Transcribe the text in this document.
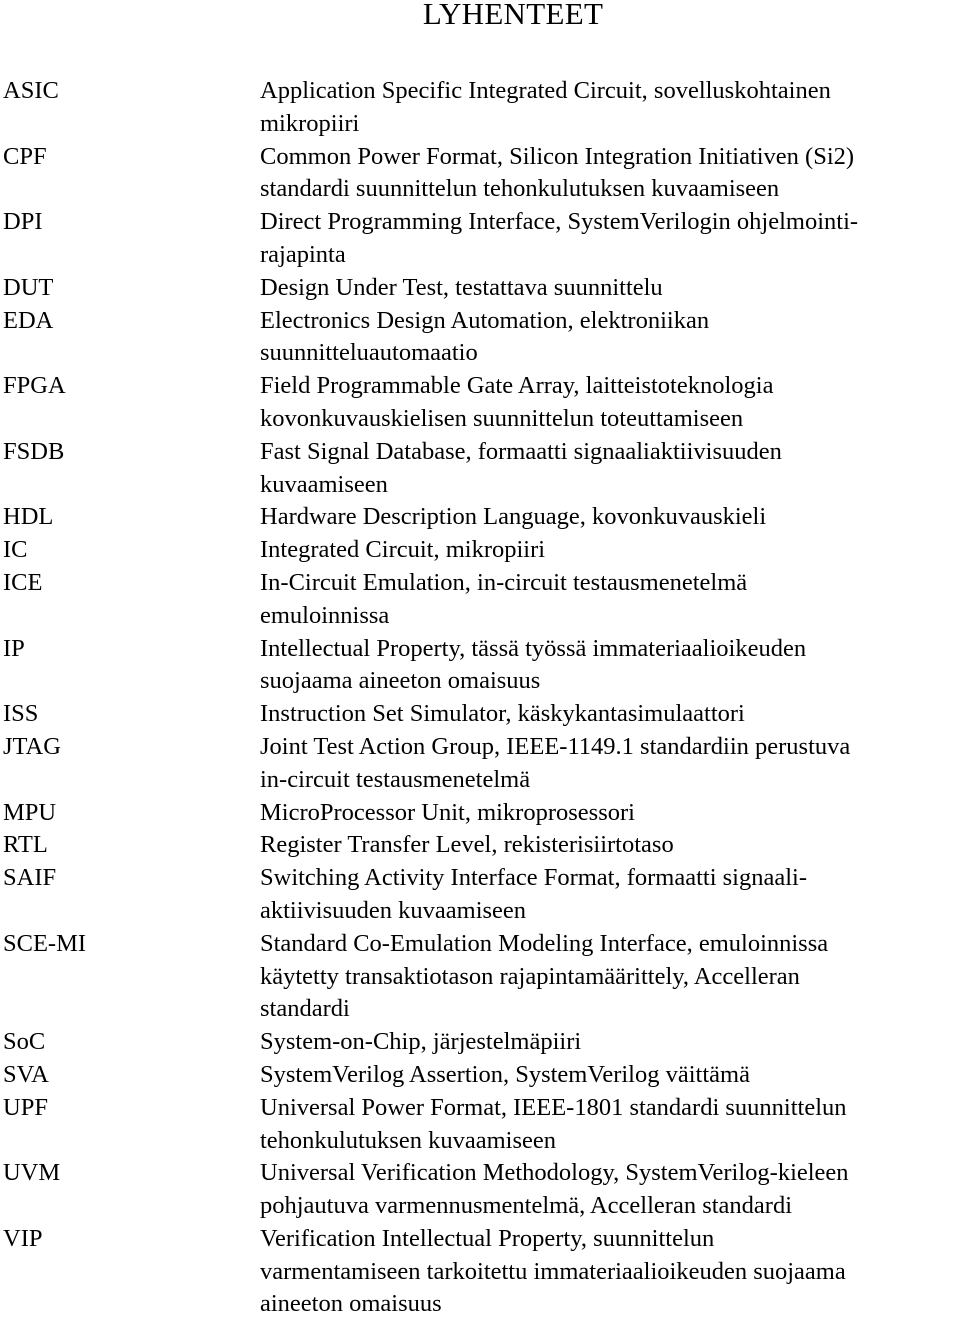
LYHENTEET
ASIC	Application Specific Integrated Circuit, sovelluskohtainen
mikropiiri
CPF	Common Power Format, Silicon Integration Initiativen (Si2)
standardi suunnittelun tehonkulutuksen kuvaamiseen
DPI	Direct Programming Interface, SystemVerilogin ohjelmointi-
rajapinta
DUT	Design Under Test, testattava suunnittelu
EDA	Electronics Design Automation, elektroniikan
suunnitteluautomaatio
FPGA	Field Programmable Gate Array, laitteistoteknologia
kovonkuvauskielisen suunnittelun toteuttamiseen
FSDB	Fast Signal Database, formaatti signaaliaktiivisuuden
kuvaamiseen
HDL	Hardware Description Language, kovonkuvauskieli
IC	Integrated Circuit, mikropiiri
ICE	In-Circuit Emulation, in-circuit testausmenetelmä
emuloinnissa
IP	Intellectual Property, tässä työssä immateriaalioikeuden
suojaama aineeton omaisuus
ISS	Instruction Set Simulator, käskykantasimulaattori
JTAG	Joint Test Action Group, IEEE-1149.1 standardiin perustuva
in-circuit testausmenetelmä
MPU	MicroProcessor Unit, mikroprosessori
RTL	Register Transfer Level, rekisterisiirtotaso
SAIF	Switching Activity Interface Format, formaatti signaali-
aktiivisuuden kuvaamiseen
SCE-MI	Standard Co-Emulation Modeling Interface, emuloinnissa
käytetty transaktiotason rajapintamäärittely, Accelleran
standardi
SoC	System-on-Chip, järjestelmäpiiri
SVA	SystemVerilog Assertion, SystemVerilog väittämä
UPF	Universal Power Format, IEEE-1801 standardi suunnittelun
tehonkulutuksen kuvaamiseen
UVM	Universal Verification Methodology, SystemVerilog-kieleen
pohjautuva varmennusmentelmä, Accelleran standardi
VIP	Verification Intellectual Property, suunnittelun
varmentamiseen tarkoitettu immateriaalioikeuden suojaama
aineeton omaisuus
